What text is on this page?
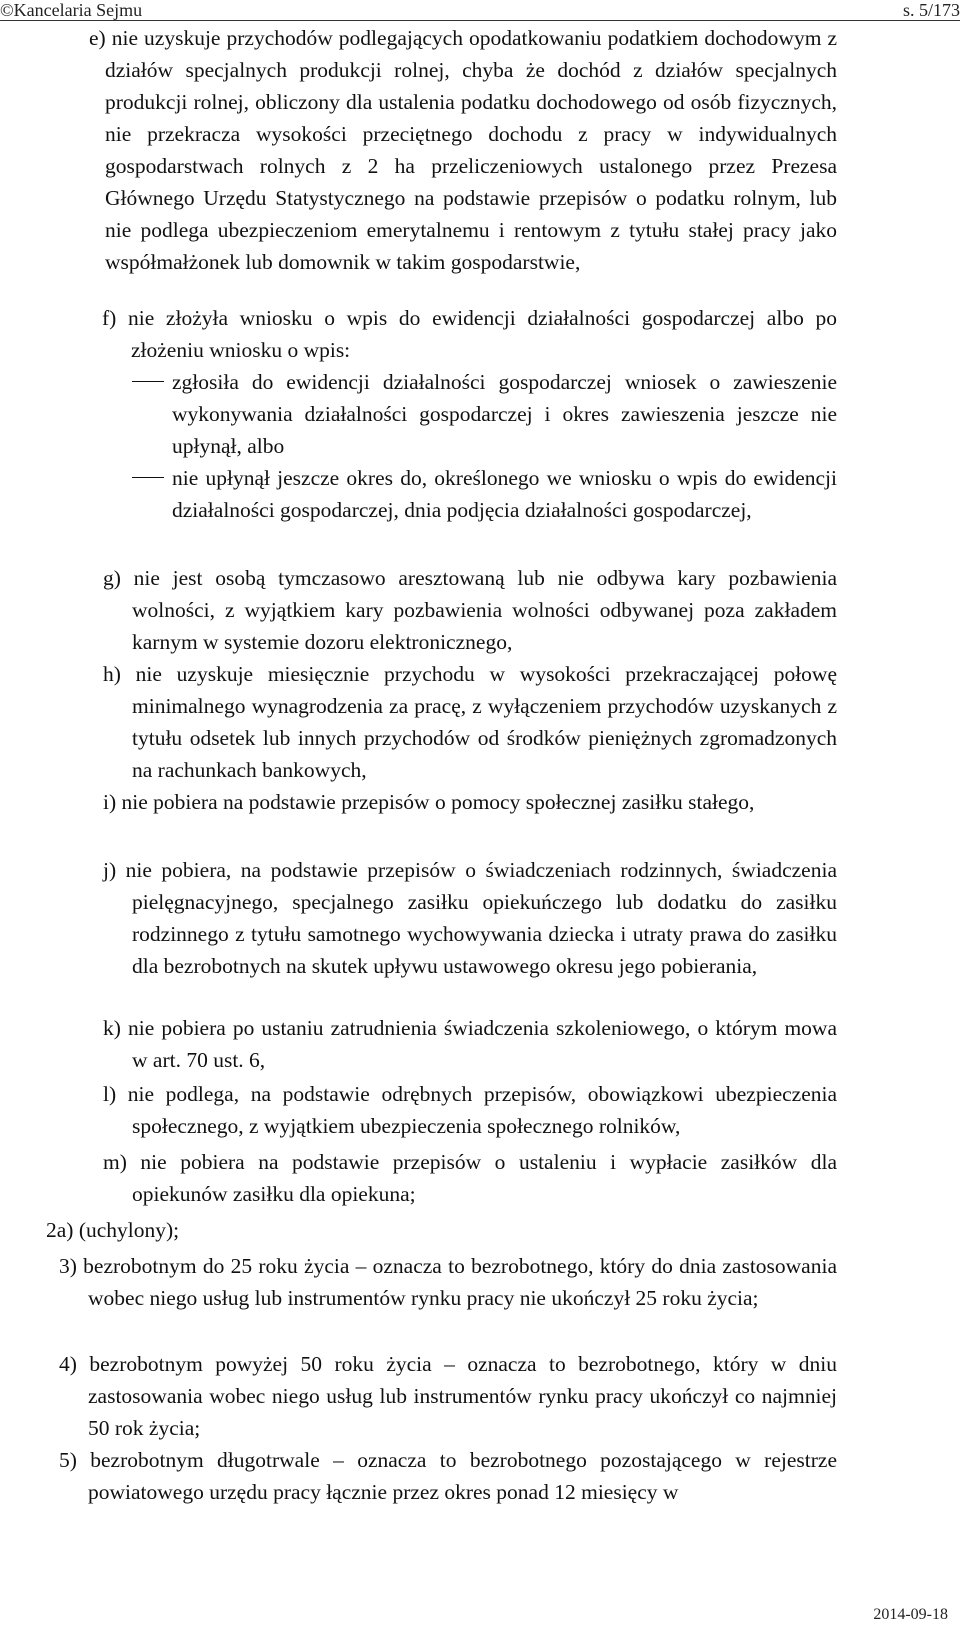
©Kancelaria Sejmu	s. 5/173

e) nie uzyskuje przychodów podlegających opodatkowaniu podatkiem dochodowym z działów specjalnych produkcji rolnej, chyba że dochód z działów specjalnych produkcji rolnej, obliczony dla ustalenia podatku dochodowego od osób fizycznych, nie przekracza wysokości przeciętnego dochodu z pracy w indywidualnych gospodarstwach rolnych z 2 ha przeliczeniowych ustalonego przez Prezesa Głównego Urzędu Statystycznego na podstawie przepisów o podatku rolnym, lub nie podlega ubezpieczeniom emerytalnemu i rentowym z tytułu stałej pracy jako współmałżonek lub domownik w takim gospodarstwie,

f) nie złożyła wniosku o wpis do ewidencji działalności gospodarczej albo po złożeniu wniosku o wpis:

zgłosiła do ewidencji działalności gospodarczej wniosek o zawieszenie wykonywania działalności gospodarczej i okres zawieszenia jeszcze nie upłynął, albo

nie upłynął jeszcze okres do, określonego we wniosku o wpis do ewidencji działalności gospodarczej, dnia podjęcia działalności gospodarczej,

g) nie jest osobą tymczasowo aresztowaną lub nie odbywa kary pozbawienia wolności, z wyjątkiem kary pozbawienia wolności odbywanej poza zakładem karnym w systemie dozoru elektronicznego,

h) nie uzyskuje miesięcznie przychodu w wysokości przekraczającej połowę minimalnego wynagrodzenia za pracę, z wyłączeniem przychodów uzyskanych z tytułu odsetek lub innych przychodów od środków pieniężnych zgromadzonych na rachunkach bankowych,

i) nie pobiera na podstawie przepisów o pomocy społecznej zasiłku stałego,

j) nie pobiera, na podstawie przepisów o świadczeniach rodzinnych, świadczenia pielęgnacyjnego, specjalnego zasiłku opiekuńczego lub dodatku do zasiłku rodzinnego z tytułu samotnego wychowywania dziecka i utraty prawa do zasiłku dla bezrobotnych na skutek upływu ustawowego okresu jego pobierania,

k) nie pobiera po ustaniu zatrudnienia świadczenia szkoleniowego, o którym mowa w art. 70 ust. 6,

l) nie podlega, na podstawie odrębnych przepisów, obowiązkowi ubezpieczenia społecznego, z wyjątkiem ubezpieczenia społecznego rolników,

m) nie pobiera na podstawie przepisów o ustaleniu i wypłacie zasiłków dla opiekunów zasiłku dla opiekuna;

2a) (uchylony);

3) bezrobotnym do 25 roku życia – oznacza to bezrobotnego, który do dnia zastosowania wobec niego usług lub instrumentów rynku pracy nie ukończył 25 roku życia;

4) bezrobotnym powyżej 50 roku życia – oznacza to bezrobotnego, który w dniu zastosowania wobec niego usług lub instrumentów rynku pracy ukończył co najmniej 50 rok życia;

5) bezrobotnym długotrwale – oznacza to bezrobotnego pozostającego w rejestrze powiatowego urzędu pracy łącznie przez okres ponad 12 miesięcy w

2014-09-18
